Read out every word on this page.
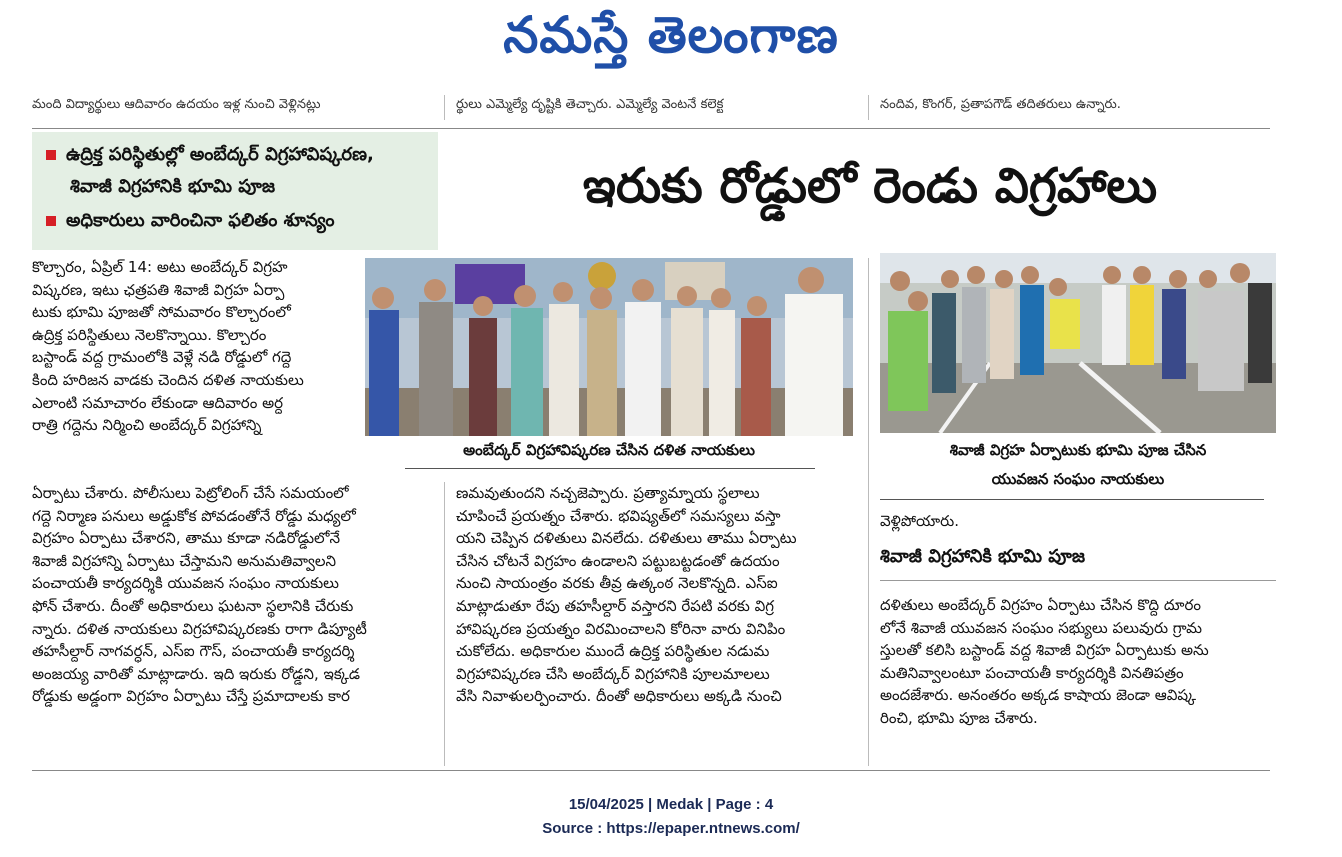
నమస్తే తెలంగాణ
మంది విద్యార్థులు ఆదివారం ఉదయం ఇళ్ల నుంచి వెళ్లినట్లు	ర్థులు ఎమ్మెల్యే దృష్టికి తెచ్చారు. ఎమ్మెల్యే వెంటనే కలెక్ట	నందివ, కొంగర్, ప్రతాపగౌడ్ తదితరులు ఉన్నారు.
ఉద్రిక్త పరిస్థితుల్లో అంబేద్కర్ విగ్రహావిష్కరణ,
శివాజీ విగ్రహానికి భూమి పూజ
అధికారులు వారించినా ఫలితం శూన్యం
ఇరుకు రోడ్డులో రెండు విగ్రహాలు
అంబేద్కర్ విగ్రహావిష్కరణ చేసిన దళిత నాయకులు	శివాజీ విగ్రహ ఏర్పాటుకు భూమి పూజ చేసిన
యువజన సంఘం నాయకులు
కొల్చారం, ఏప్రిల్ 14: అటు అంబేద్కర్ విగ్రహ
విష్కరణ, ఇటు ఛత్రపతి శివాజీ విగ్రహ ఏర్పా
టుకు భూమి పూజతో సోమవారం కొల్చారంలో
ఉద్రిక్త పరిస్థితులు నెలకొన్నాయి. కొల్చారం
బస్టాండ్ వద్ద గ్రామంలోకి వెళ్లే నడి రోడ్డులో గద్దె
కింది హరిజన వాడకు చెందిన దళిత నాయకులు
ఎలాంటి సమాచారం లేకుండా ఆదివారం అర్ధ
రాత్రి గద్దెను నిర్మించి అంబేద్కర్ విగ్రహాన్ని
ఏర్పాటు చేశారు. పోలీసులు పెట్రోలింగ్ చేసే సమయంలో
గద్దె నిర్మాణ పనులు అడ్డుకోక పోవడంతోనే రోడ్డు మధ్యలో
విగ్రహం ఏర్పాటు చేశారని, తాము కూడా నడిరోడ్డులోనే
శివాజీ విగ్రహాన్ని ఏర్పాటు చేస్తామని అనుమతివ్వాలని
పంచాయతీ కార్యదర్శికి యువజన సంఘం నాయకులు
ఫోన్ చేశారు. దీంతో అధికారులు ఘటనా స్థలానికి చేరుకు
న్నారు. దళిత నాయకులు విగ్రహావిష్కరణకు రాగా డిప్యూటీ
తహసీల్దార్ నాగవర్ధన్, ఎస్ఐ గౌస్, పంచాయతీ కార్యదర్శి
అంజయ్య వారితో మాట్లాడారు. ఇది ఇరుకు రోడ్డని, ఇక్కడ
రోడ్డుకు అడ్డంగా విగ్రహం ఏర్పాటు చేస్తే ప్రమాదాలకు కార
ణమవుతుందని నచ్చజెప్పారు. ప్రత్యామ్నాయ స్థలాలు
చూపించే ప్రయత్నం చేశారు. భవిష్యత్‌లో సమస్యలు వస్తా
యని చెప్పిన దళితులు వినలేదు. దళితులు తాము ఏర్పాటు
చేసిన చోటనే విగ్రహం ఉండాలని పట్టుబట్టడంతో ఉదయం
నుంచి సాయంత్రం వరకు తీవ్ర ఉత్కంఠ నెలకొన్నది. ఎస్ఐ
మాట్లాడుతూ రేపు తహసీల్దార్ వస్తారని రేపటి వరకు విగ్ర
హావిష్కరణ ప్రయత్నం విరమించాలని కోరినా వారు వినిపిం
చుకోలేదు. అధికారుల ముందే ఉద్రిక్త పరిస్థితుల నడుమ
విగ్రహావిష్కరణ చేసి అంబేద్కర్ విగ్రహానికి పూలమాలలు
వేసి నివాళులర్పించారు. దీంతో అధికారులు అక్కడి నుంచి
వెళ్లిపోయారు.
శివాజీ విగ్రహానికి భూమి పూజ
దళితులు అంబేద్కర్ విగ్రహం ఏర్పాటు చేసిన కొద్ది దూరం
లోనే శివాజీ యువజన సంఘం సభ్యులు పలువురు గ్రామ
స్తులతో కలిసి బస్టాండ్ వద్ద శివాజీ విగ్రహ ఏర్పాటుకు అను
మతినివ్వాలంటూ పంచాయతీ కార్యదర్శికి వినతిపత్రం
అందజేశారు. అనంతరం అక్కడ కాషాయ జెండా ఆవిష్క
రించి, భూమి పూజ చేశారు.
15/04/2025 | Medak | Page : 4
Source : https://epaper.ntnews.com/
